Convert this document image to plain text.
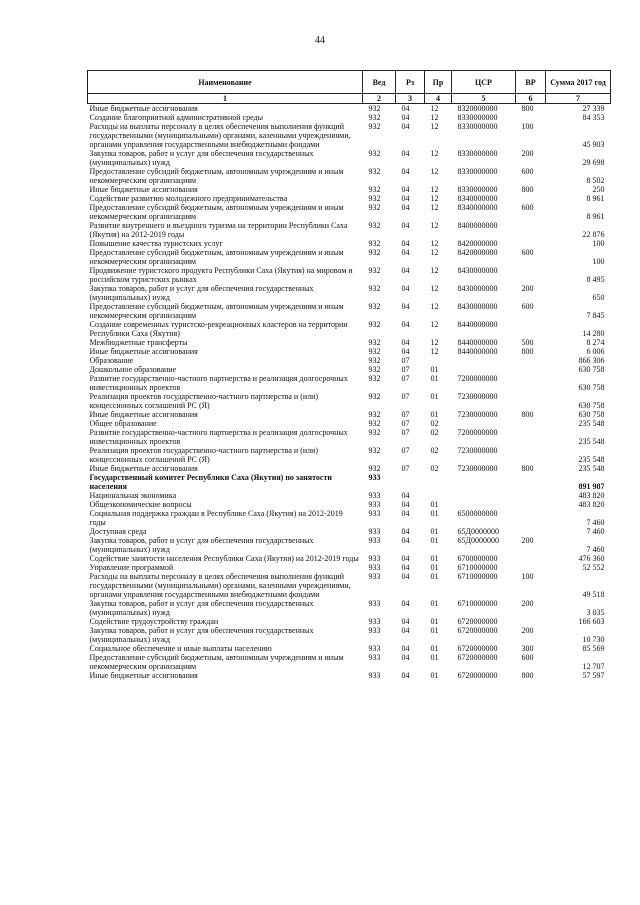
44
Наименование	Вед	Рз	Пр	ЦСР	ВР	Сумма 2017 год
1	2	3	4	5	6	7
Иные бюджетные ассигнования	932	04	12	8320000000	800	27 339
Создание благоприятной административной среды	932	04	12	8330000000		84 353
Расходы на выплаты персоналу в целях обеспечения выполнения функций государственными (муниципальными) органами, казенными учреждениями, органами управления государственными внебюджетными фондами	932	04	12	8330000000	100	45 903
Закупка товаров, работ и услуг для обеспечения государственных (муниципальных) нужд	932	04	12	8330000000	200	29 698
Предоставление субсидий бюджетным, автономным учреждениям и иным некоммерческим организациям	932	04	12	8330000000	600	8 502
Иные бюджетные ассигнования	932	04	12	8330000000	800	250
Содействие развитию молодежного предпринимательства	932	04	12	8340000000		8 961
Предоставление субсидий бюджетным, автономным учреждениям и иным некоммерческим организациям	932	04	12	8340000000	600	8 961
Развитие внутреннего и въездного туризма на территории Республики Саха (Якутия) на 2012-2019 годы	932	04	12	8400000000		22 876
Повышение качества туристских услуг	932	04	12	8420000000		100
Предоставление субсидий бюджетным, автономным учреждениям и иным некоммерческим организациям	932	04	12	8420000000	600	100
Продвижение туристского продукта Республики Саха (Якутия) на мировом и российском туристских рынках	932	04	12	8430000000		8 495
Закупка товаров, работ и услуг для обеспечения государственных (муниципальных) нужд	932	04	12	8430000000	200	650
Предоставление субсидий бюджетным, автономным учреждениям и иным некоммерческим организациям	932	04	12	8430000000	600	7 845
Создание современных туристско-рекреационных кластеров на территории Республики Саха (Якутия)	932	04	12	8440000000		14 280
Межбюджетные трансферты	932	04	12	8440000000	500	8 274
Иные бюджетные ассигнования	932	04	12	8440000000	800	6 006
Образование	932	07				866 306
Дошкольное образование	932	07	01			630 758
Развитие государственно-частного партнерства и реализация долгосрочных инвестиционных проектов	932	07	01	7200000000		630 758
Реализация проектов государственно-частного партнерства и (или) концессионных соглашений РС (Я)	932	07	01	7230000000		630 758
Иные бюджетные ассигнования	932	07	01	7230000000	800	630 758
Общее образование	932	07	02			235 548
Развитие государственно-частного партнерства и реализация долгосрочных инвестиционных проектов	932	07	02	7200000000		235 548
Реализация проектов государственно-частного партнерства и (или) концессионных соглашений РС (Я)	932	07	02	7230000000		235 548
Иные бюджетные ассигнования	932	07	02	7230000000	800	235 548
Государственный комитет Республики Саха (Якутия) по занятости населения	933					891 987
Национальная экономика	933	04				483 820
Общеэкономические вопросы	933	04	01			483 820
Социальная поддержка граждан в Республике Саха (Якутия) на 2012-2019 годы	933	04	01	6500000000		7 460
Доступная среда	933	04	01	65Д0000000		7 460
Закупка товаров, работ и услуг для обеспечения государственных (муниципальных) нужд	933	04	01	65Д0000000	200	7 460
Содействие занятости населения Республики Саха (Якутия) на 2012-2019 годы	933	04	01	6700000000		476 360
Управление программой	933	04	01	6710000000		52 552
Расходы на выплаты персоналу в целях обеспечения выполнения функций государственными (муниципальными) органами, казенными учреждениями, органами управления государственными внебюджетными фондами	933	04	01	6710000000	100	49 518
Закупка товаров, работ и услуг для обеспечения государственных (муниципальных) нужд	933	04	01	6710000000	200	3 035
Содействие трудоустройству граждан	933	04	01	6720000000		166 603
Закупка товаров, работ и услуг для обеспечения государственных (муниципальных) нужд	933	04	01	6720000000	200	10 730
Социальное обеспечение и иные выплаты населению	933	04	01	6720000000	300	85 569
Предоставление субсидий бюджетным, автономным учреждениям и иным некоммерческим организациям	933	04	01	6720000000	600	12 707
Иные бюджетные ассигнования	933	04	01	6720000000	800	57 597
